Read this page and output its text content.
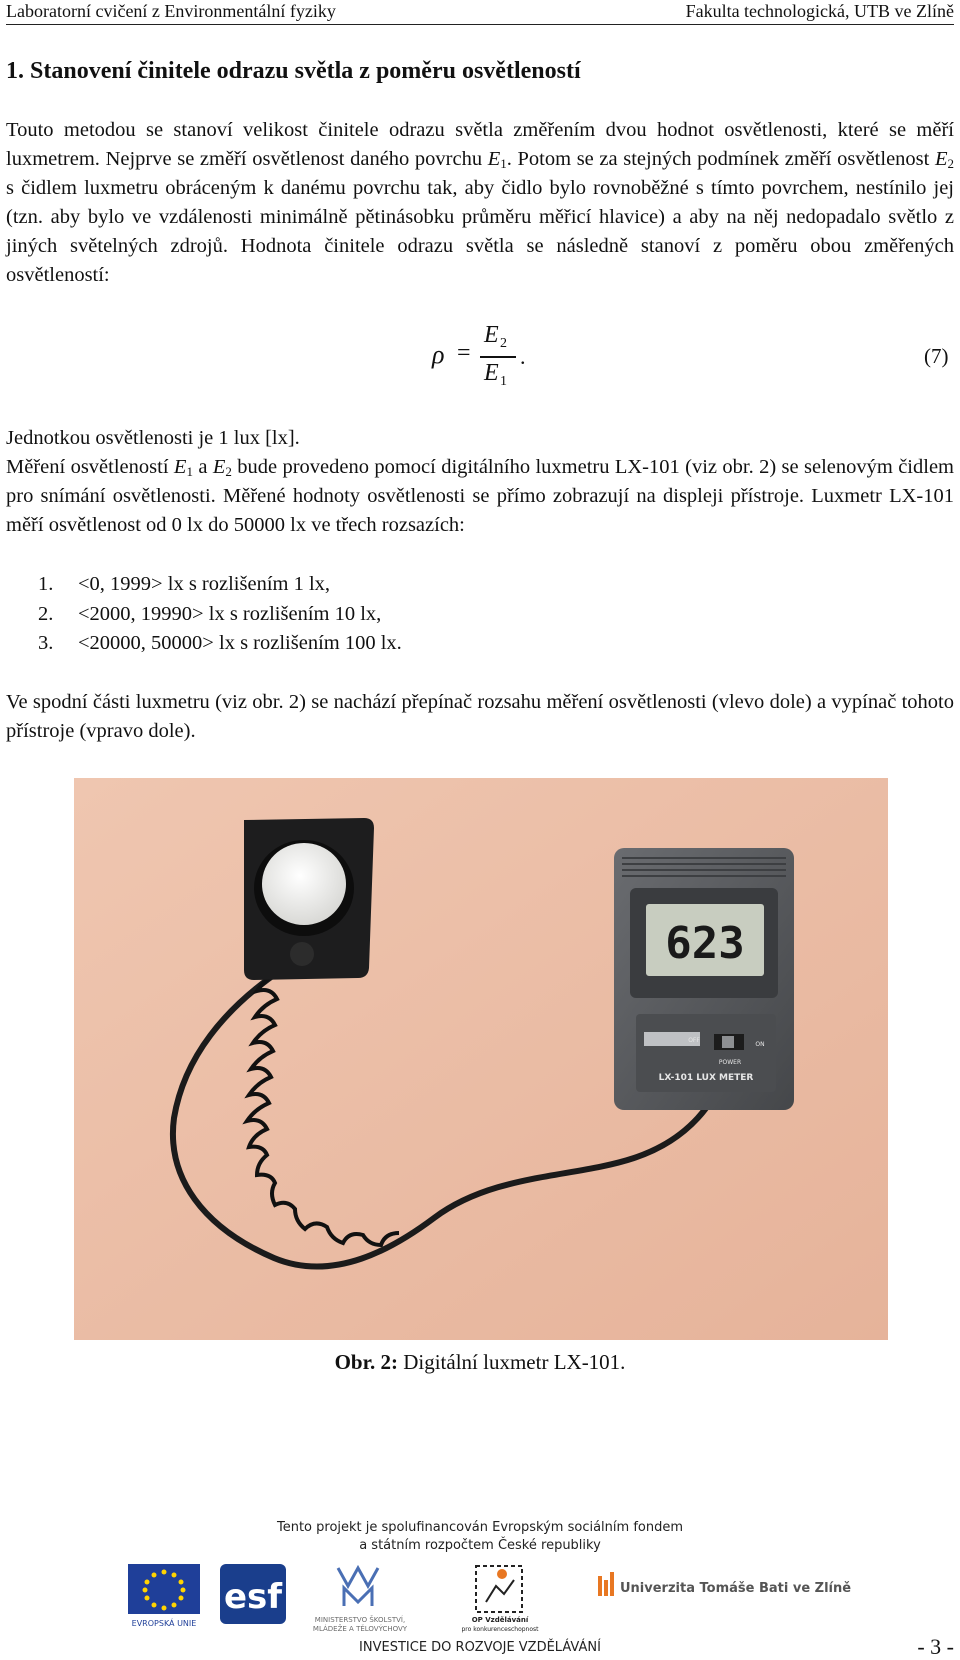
Laboratorní cvičení z Environmentální fyziky	Fakulta technologická, UTB ve Zlíně
1. Stanovení činitele odrazu světla z poměru osvětleností

Touto metodou se stanoví velikost činitele odrazu světla změřením dvou hodnot osvětlenosti, které se měří luxmetrem. Nejprve se změří osvětlenost daného povrchu $E_1$. Potom se za stejných podmínek změří osvětlenost $E_2$ s čidlem luxmetru obráceným k danému povrchu tak, aby čidlo bylo rovnoběžné s tímto povrchem, nestínilo jej (tzn. aby bylo ve vzdálenosti minimálně pětinásobku průměru měřicí hlavice) a aby na něj nedopadalo světlo z jiných světelných zdrojů. Hodnota činitele odrazu světla se následně stanoví z poměru obou změřených osvětleností:

ρ =
E 2
E 1
.	(7)

Jednotkou osvětlenosti je 1 lux [lx].

Měření osvětleností $E_1$ a $E_2$ bude provedeno pomocí digitálního luxmetru LX-101 (viz obr. 2) se selenovým čidlem pro snímání osvětlenosti. Měřené hodnoty osvětlenosti se přímo zobrazují na displeji přístroje. Luxmetr LX-101 měří osvětlenost od 0 lx do 50000 lx ve třech rozsazích:

1.	<0, 1999> lx s rozlišením 1 lx,
2.	<2000, 19990> lx s rozlišením 10 lx,
3.	<20000, 50000> lx s rozlišením 100 lx.

Ve spodní části luxmetru (viz obr. 2) se nachází přepínač rozsahu měření osvětlenosti (vlevo dole) a vypínač tohoto přístroje (vpravo dole).

623
LX-101 LUX METER
OFF
ON
POWER
Obr. 2: Digitální luxmetr LX-101.
Tento projekt je spolufinancován Evropským sociálním fondem
a státním rozpočtem České republiky
EVROPSKÁ UNIE
esf
MINISTERSTVO ŠKOLSTVÍ,
MLÁDEŽE A TĚLOVÝCHOVY
OP Vzdělávání
pro konkurenceschopnost
Univerzita Tomáše Bati ve Zlíně
INVESTICE DO ROZVOJE VZDĚLÁVÁNÍ	- 3 -
